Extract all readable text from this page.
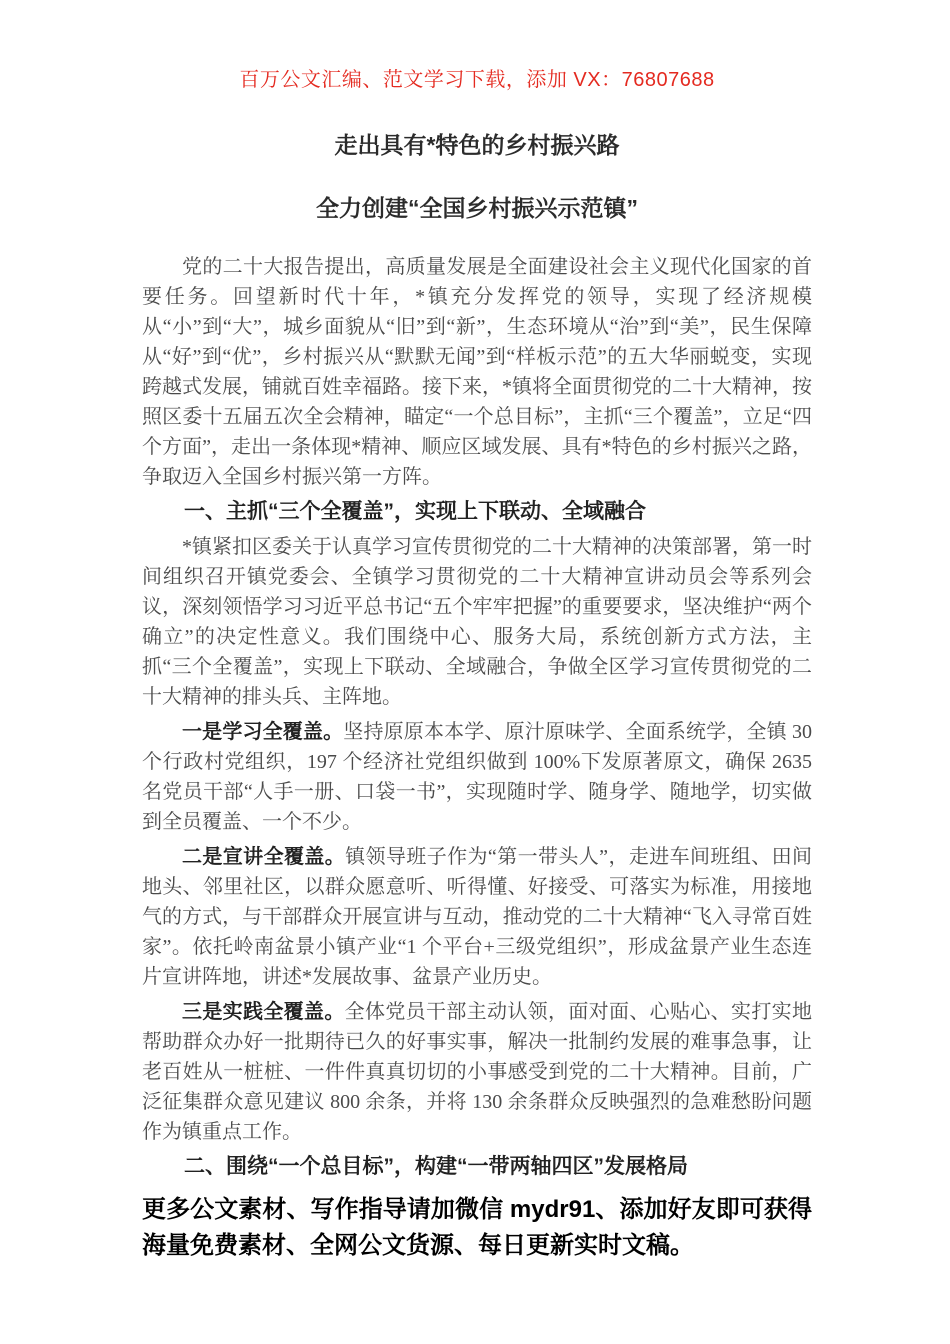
百万公文汇编、范文学习下载，添加 VX：76807688
走出具有*特色的乡村振兴路
全力创建“全国乡村振兴示范镇”

党的二十大报告提出，高质量发展是全面建设社会主义现代化国家的首要任务。回望新时代十年，*镇充分发挥党的领导，实现了经济规模从“小”到“大”，城乡面貌从“旧”到“新”，生态环境从“治”到“美”，民生保障从“好”到“优”，乡村振兴从“默默无闻”到“样板示范”的五大华丽蜕变，实现跨越式发展，铺就百姓幸福路。接下来，*镇将全面贯彻党的二十大精神，按照区委十五届五次全会精神，瞄定“一个总目标”，主抓“三个覆盖”，立足“四个方面”，走出一条体现*精神、顺应区域发展、具有*特色的乡村振兴之路，争取迈入全国乡村振兴第一方阵。

一、主抓“三个全覆盖”，实现上下联动、全域融合

*镇紧扣区委关于认真学习宣传贯彻党的二十大精神的决策部署，第一时间组织召开镇党委会、全镇学习贯彻党的二十大精神宣讲动员会等系列会议，深刻领悟学习习近平总书记“五个牢牢把握”的重要要求，坚决维护“两个确立”的决定性意义。我们围绕中心、服务大局，系统创新方式方法，主抓“三个全覆盖”，实现上下联动、全域融合，争做全区学习宣传贯彻党的二十大精神的排头兵、主阵地。

一是学习全覆盖。坚持原原本本学、原汁原味学、全面系统学，全镇 30 个行政村党组织，197 个经济社党组织做到 100%下发原著原文，确保 2635 名党员干部“人手一册、口袋一书”，实现随时学、随身学、随地学，切实做到全员覆盖、一个不少。

二是宣讲全覆盖。镇领导班子作为“第一带头人”，走进车间班组、田间地头、邻里社区，以群众愿意听、听得懂、好接受、可落实为标准，用接地气的方式，与干部群众开展宣讲与互动，推动党的二十大精神“飞入寻常百姓家”。依托岭南盆景小镇产业“1 个平台+三级党组织”，形成盆景产业生态连片宣讲阵地，讲述*发展故事、盆景产业历史。

三是实践全覆盖。全体党员干部主动认领，面对面、心贴心、实打实地帮助群众办好一批期待已久的好事实事，解决一批制约发展的难事急事，让老百姓从一桩桩、一件件真真切切的小事感受到党的二十大精神。目前，广泛征集群众意见建议 800 余条，并将 130 余条群众反映强烈的急难愁盼问题作为镇重点工作。

二、围绕“一个总目标”，构建“一带两轴四区”发展格局

更多公文素材、写作指导请加微信 mydr91、添加好友即可获得海量免费素材、全网公文货源、每日更新实时文稿。
